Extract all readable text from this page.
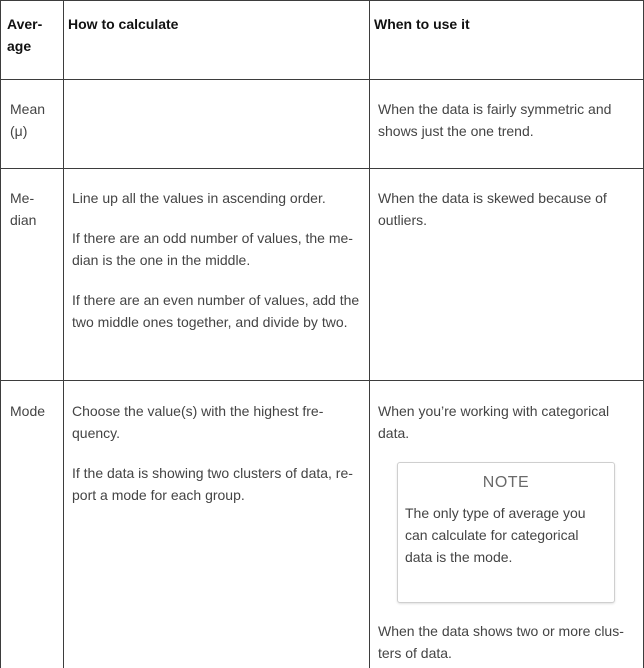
Aver-
age
How to calculate	When to use it
Mean
(μ)
When the data is fairly symmetric and shows just the one trend.
Me-
dian

Line up all the values in ascending order.

If there are an odd number of values, the me-dian is the one in the middle.

If there are an even number of values, add the two middle ones together, and divide by two.

When the data is skewed because of outliers.
Mode	Choose the value(s) with the highest fre-quency.

If the data is showing two clusters of data, re-port a mode for each group.

When you’re working with categorical data.
NOTE
The only type of average you can calculate for categorical data is the mode.
When the data shows two or more clus-ters of data.
